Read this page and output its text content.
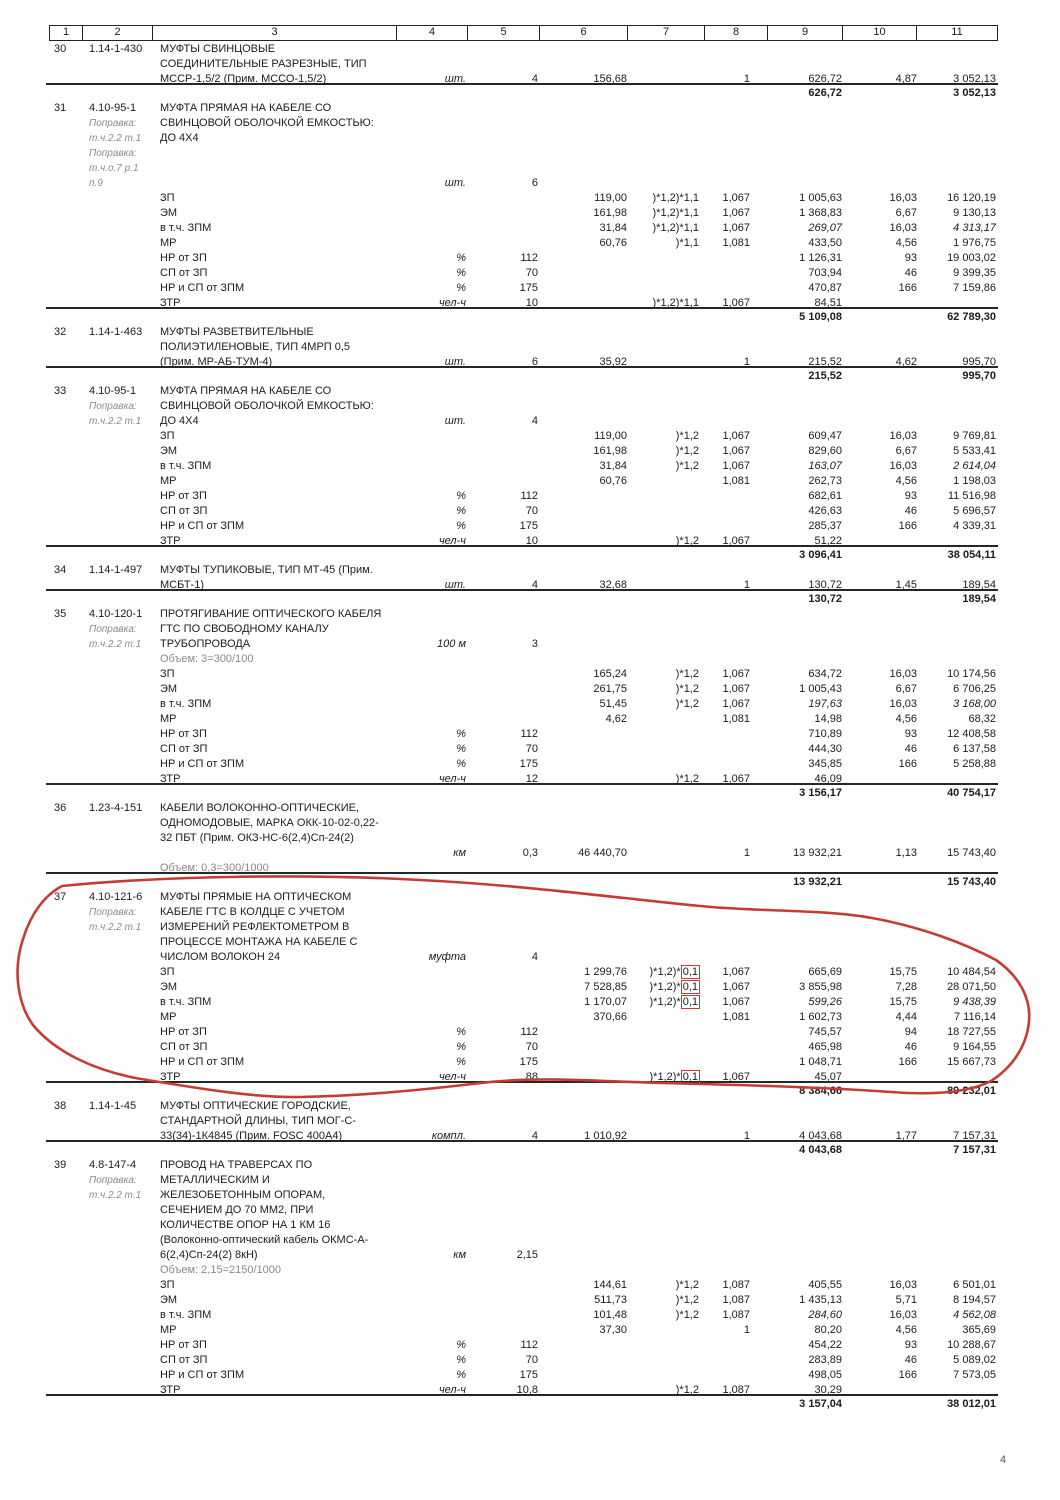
1	2	3	4	5	6	7	8	9	10	11
30	1.14-1-430	МУФТЫ СВИНЦОВЫЕ
СОЕДИНИТЕЛЬНЫЕ РАЗРЕЗНЫЕ, ТИП
МССР-1,5/2 (Прим. МССО-1,5/2)	шт.	4	156,68	1	626,72	4,87	3 052,13
626,72	3 052,13
31	4.10-95-1	МУФТА ПРЯМАЯ НА КАБЕЛЕ СО
Поправка:	СВИНЦОВОЙ ОБОЛОЧКОЙ ЕМКОСТЬЮ:
т.ч.2.2 т.1	ДО 4X4
Поправка:
т.ч.о.7 р.1
п.9	шт.	6
ЗП	119,00	)*1,2)*1,1	1,067	1 005,63	16,03	16 120,19
ЭМ	161,98	)*1,2)*1,1	1,067	1 368,83	6,67	9 130,13
в т.ч. ЗПМ	31,84	)*1,2)*1,1	1,067	269,07	16,03	4 313,17
МР	60,76	)*1,1	1,081	433,50	4,56	1 976,75
НР от ЗП	%	112	1 126,31	93	19 003,02
СП от ЗП	%	70	703,94	46	9 399,35
НР и СП от ЗПМ	%	175	470,87	166	7 159,86
ЗТР	чел-ч	10	)*1,2)*1,1	1,067	84,51
5 109,08	62 789,30
32	1.14-1-463	МУФТЫ РАЗВЕТВИТЕЛЬНЫЕ
ПОЛИЭТИЛЕНОВЫЕ, ТИП 4МРП 0,5
(Прим. МР-АБ-ТУМ-4)	шт.	6	35,92	1	215,52	4,62	995,70
215,52	995,70
33	4.10-95-1	МУФТА ПРЯМАЯ НА КАБЕЛЕ СО
Поправка:	СВИНЦОВОЙ ОБОЛОЧКОЙ ЕМКОСТЬЮ:
т.ч.2.2 т.1	ДО 4X4	шт.	4
ЗП	119,00	)*1,2	1,067	609,47	16,03	9 769,81
ЭМ	161,98	)*1,2	1,067	829,60	6,67	5 533,41
в т.ч. ЗПМ	31,84	)*1,2	1,067	163,07	16,03	2 614,04
МР	60,76	1,081	262,73	4,56	1 198,03
НР от ЗП	%	112	682,61	93	11 516,98
СП от ЗП	%	70	426,63	46	5 696,57
НР и СП от ЗПМ	%	175	285,37	166	4 339,31
ЗТР	чел-ч	10	)*1,2	1,067	51,22
3 096,41	38 054,11
34	1.14-1-497	МУФТЫ ТУПИКОВЫЕ, ТИП МТ-45 (Прим.
МСБТ-1)	шт.	4	32,68	1	130,72	1,45	189,54
130,72	189,54
35	4.10-120-1	ПРОТЯГИВАНИЕ ОПТИЧЕСКОГО КАБЕЛЯ
Поправка:	ГТС ПО СВОБОДНОМУ КАНАЛУ
т.ч.2.2 т.1	ТРУБОПРОВОДА	100 м	3
Объем: 3=300/100
ЗП	165,24	)*1,2	1,067	634,72	16,03	10 174,56
ЭМ	261,75	)*1,2	1,067	1 005,43	6,67	6 706,25
в т.ч. ЗПМ	51,45	)*1,2	1,067	197,63	16,03	3 168,00
МР	4,62	1,081	14,98	4,56	68,32
НР от ЗП	%	112	710,89	93	12 408,58
СП от ЗП	%	70	444,30	46	6 137,58
НР и СП от ЗПМ	%	175	345,85	166	5 258,88
ЗТР	чел-ч	12	)*1,2	1,067	46,09
3 156,17	40 754,17
36	1.23-4-151	КАБЕЛИ ВОЛОКОННО-ОПТИЧЕСКИЕ,
ОДНОМОДОВЫЕ, МАРКА ОКК-10-02-0,22-
32 ПБТ (Прим. ОКЗ-НС-6(2,4)Сп-24(2)
км	0,3	46 440,70	1	13 932,21	1,13	15 743,40
Объем: 0,3=300/1000
13 932,21	15 743,40
37	4.10-121-6	МУФТЫ ПРЯМЫЕ НА ОПТИЧЕСКОМ
Поправка:	КАБЕЛЕ ГТС В КОЛДЦЕ С УЧЕТОМ
т.ч.2.2 т.1	ИЗМЕРЕНИЙ РЕФЛЕКТОМЕТРОМ В
ПРОЦЕССЕ МОНТАЖА НА КАБЕЛЕ С
ЧИСЛОМ ВОЛОКОН 24	муфта	4
ЗП	1 299,76	)*1,2)* 0,1	1,067	665,69	15,75	10 484,54
ЭМ	7 528,85	)*1,2)* 0,1	1,067	3 855,98	7,28	28 071,50
в т.ч. ЗПМ	1 170,07	)*1,2)* 0,1	1,067	599,26	15,75	9 438,39
МР	370,66	1,081	1 602,73	4,44	7 116,14
НР от ЗП	%	112	745,57	94	18 727,55
СП от ЗП	%	70	465,98	46	9 164,55
НР и СП от ЗПМ	%	175	1 048,71	166	15 667,73
ЗТР	чел-ч	88	)*1,2)* 0,1	1,067	45,07
8 384,66	89 232,01
38	1.14-1-45	МУФТЫ ОПТИЧЕСКИЕ ГОРОДСКИЕ,
СТАНДАРТНОЙ ДЛИНЫ, ТИП МОГ-С-
33(34)-1К4845 (Прим. FOSC 400А4)	компл.	4	1 010,92	1	4 043,68	1,77	7 157,31
4 043,68	7 157,31
39	4.8-147-4	ПРОВОД НА ТРАВЕРСАХ ПО
Поправка:	МЕТАЛЛИЧЕСКИМ И
т.ч.2.2 т.1	ЖЕЛЕЗОБЕТОННЫМ ОПОРАМ,
СЕЧЕНИЕМ ДО 70 ММ2, ПРИ
КОЛИЧЕСТВЕ ОПОР НА 1 КМ 16
(Волоконно-оптический кабель ОКМС-А-
6(2,4)Сп-24(2) 8кН)	км	2,15
Объем: 2,15=2150/1000
ЗП	144,61	)*1,2	1,087	405,55	16,03	6 501,01
ЭМ	511,73	)*1,2	1,087	1 435,13	5,71	8 194,57
в т.ч. ЗПМ	101,48	)*1,2	1,087	284,60	16,03	4 562,08
МР	37,30	1	80,20	4,56	365,69
НР от ЗП	%	112	454,22	93	10 288,67
СП от ЗП	%	70	283,89	46	5 089,02
НР и СП от ЗПМ	%	175	498,05	166	7 573,05
ЗТР	чел-ч	10,8	)*1,2	1,087	30,29
3 157,04	38 012,01
4
